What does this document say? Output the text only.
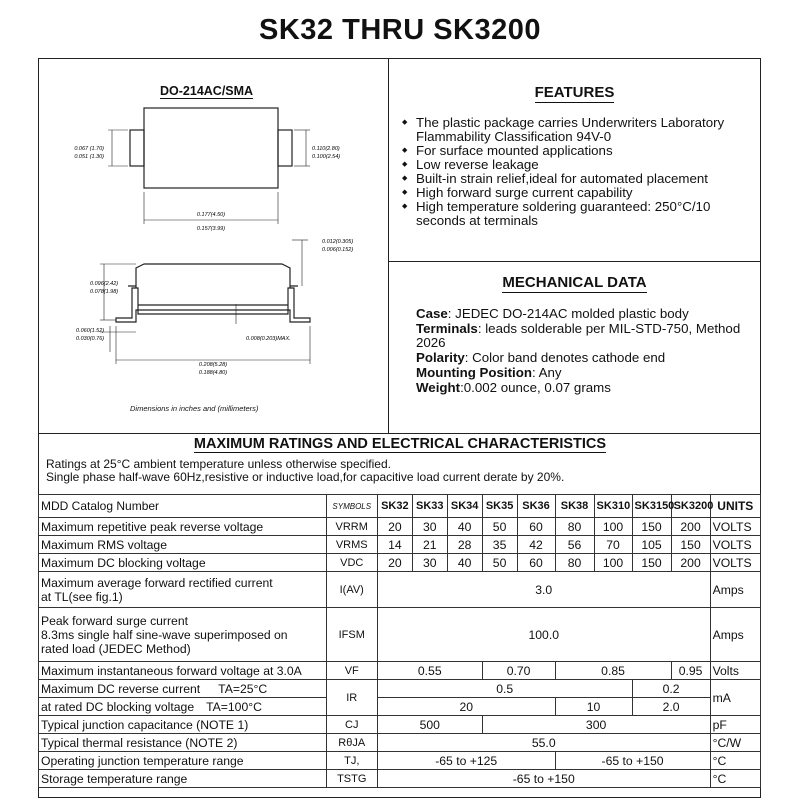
SK32 THRU SK3200
DO-214AC/SMA
0.067 (1.70)
0.051 (1.30)
0.110(2.80)
0.100(2.54)
0.177(4.50)
0.157(3.99)
0.012(0.305)
0.006(0.152)
0.096(2.42)
0.078(1.98)
0.008(0.203)MAX.
0.060(1.52)
0.030(0.76)
0.208(5.28)
0.188(4.80)
Dimensions in inches and (millimeters)
FEATURES
◆ The plastic package carries Underwriters Laboratory Flammability Classification 94V-0
◆ For surface mounted applications
◆ Low reverse leakage
◆ Built-in strain relief,ideal for automated placement
◆ High forward surge current capability
◆ High temperature soldering guaranteed: 250°C/10 seconds at terminals
MECHANICAL DATA
Case: JEDEC DO-214AC molded plastic body
Terminals: leads solderable per MIL-STD-750, Method 2026
Polarity: Color band denotes cathode end
Mounting Position: Any
Weight:0.002 ounce, 0.07 grams
MAXIMUM RATINGS AND ELECTRICAL CHARACTERISTICS
Ratings at 25°C ambient temperature unless otherwise specified.
Single phase half-wave 60Hz,resistive or inductive load,for capacitive load current derate by 20%.
MDD Catalog Number	SYMBOLS	SK32	SK33	SK34	SK35	SK36	SK38	SK310	SK3150	SK3200	UNITS
Maximum repetitive peak reverse voltage	VRRM	20	30	40	50	60	80	100	150	200	VOLTS
Maximum RMS voltage	VRMS	14	21	28	35	42	56	70	105	150	VOLTS
Maximum DC blocking voltage	VDC	20	30	40	50	60	80	100	150	200	VOLTS

Maximum average forward rectified current
at TL(see fig.1)	I(AV)	3.0									Amps

Peak forward surge current
8.3ms single half sine-wave superimposed on
rated load (JEDEC Method)	IFSM	100.0									Amps
Maximum instantaneous forward voltage at 3.0A	VF	0.55			0.70		0.85			0.95	Volts
Maximum DC reverse current TA=25°C	IR	0.5							0.2		mA
at rated DC blocking voltage TA=100°C		20					10		2.0		
Typical junction capacitance (NOTE 1)	CJ	500			300						pF
Typical thermal resistance (NOTE 2)	RθJA	55.0									°C/W
Operating junction temperature range	TJ,	-65 to +125					-65 to +150				°C
Storage temperature range	TSTG	-65 to +150									°C
